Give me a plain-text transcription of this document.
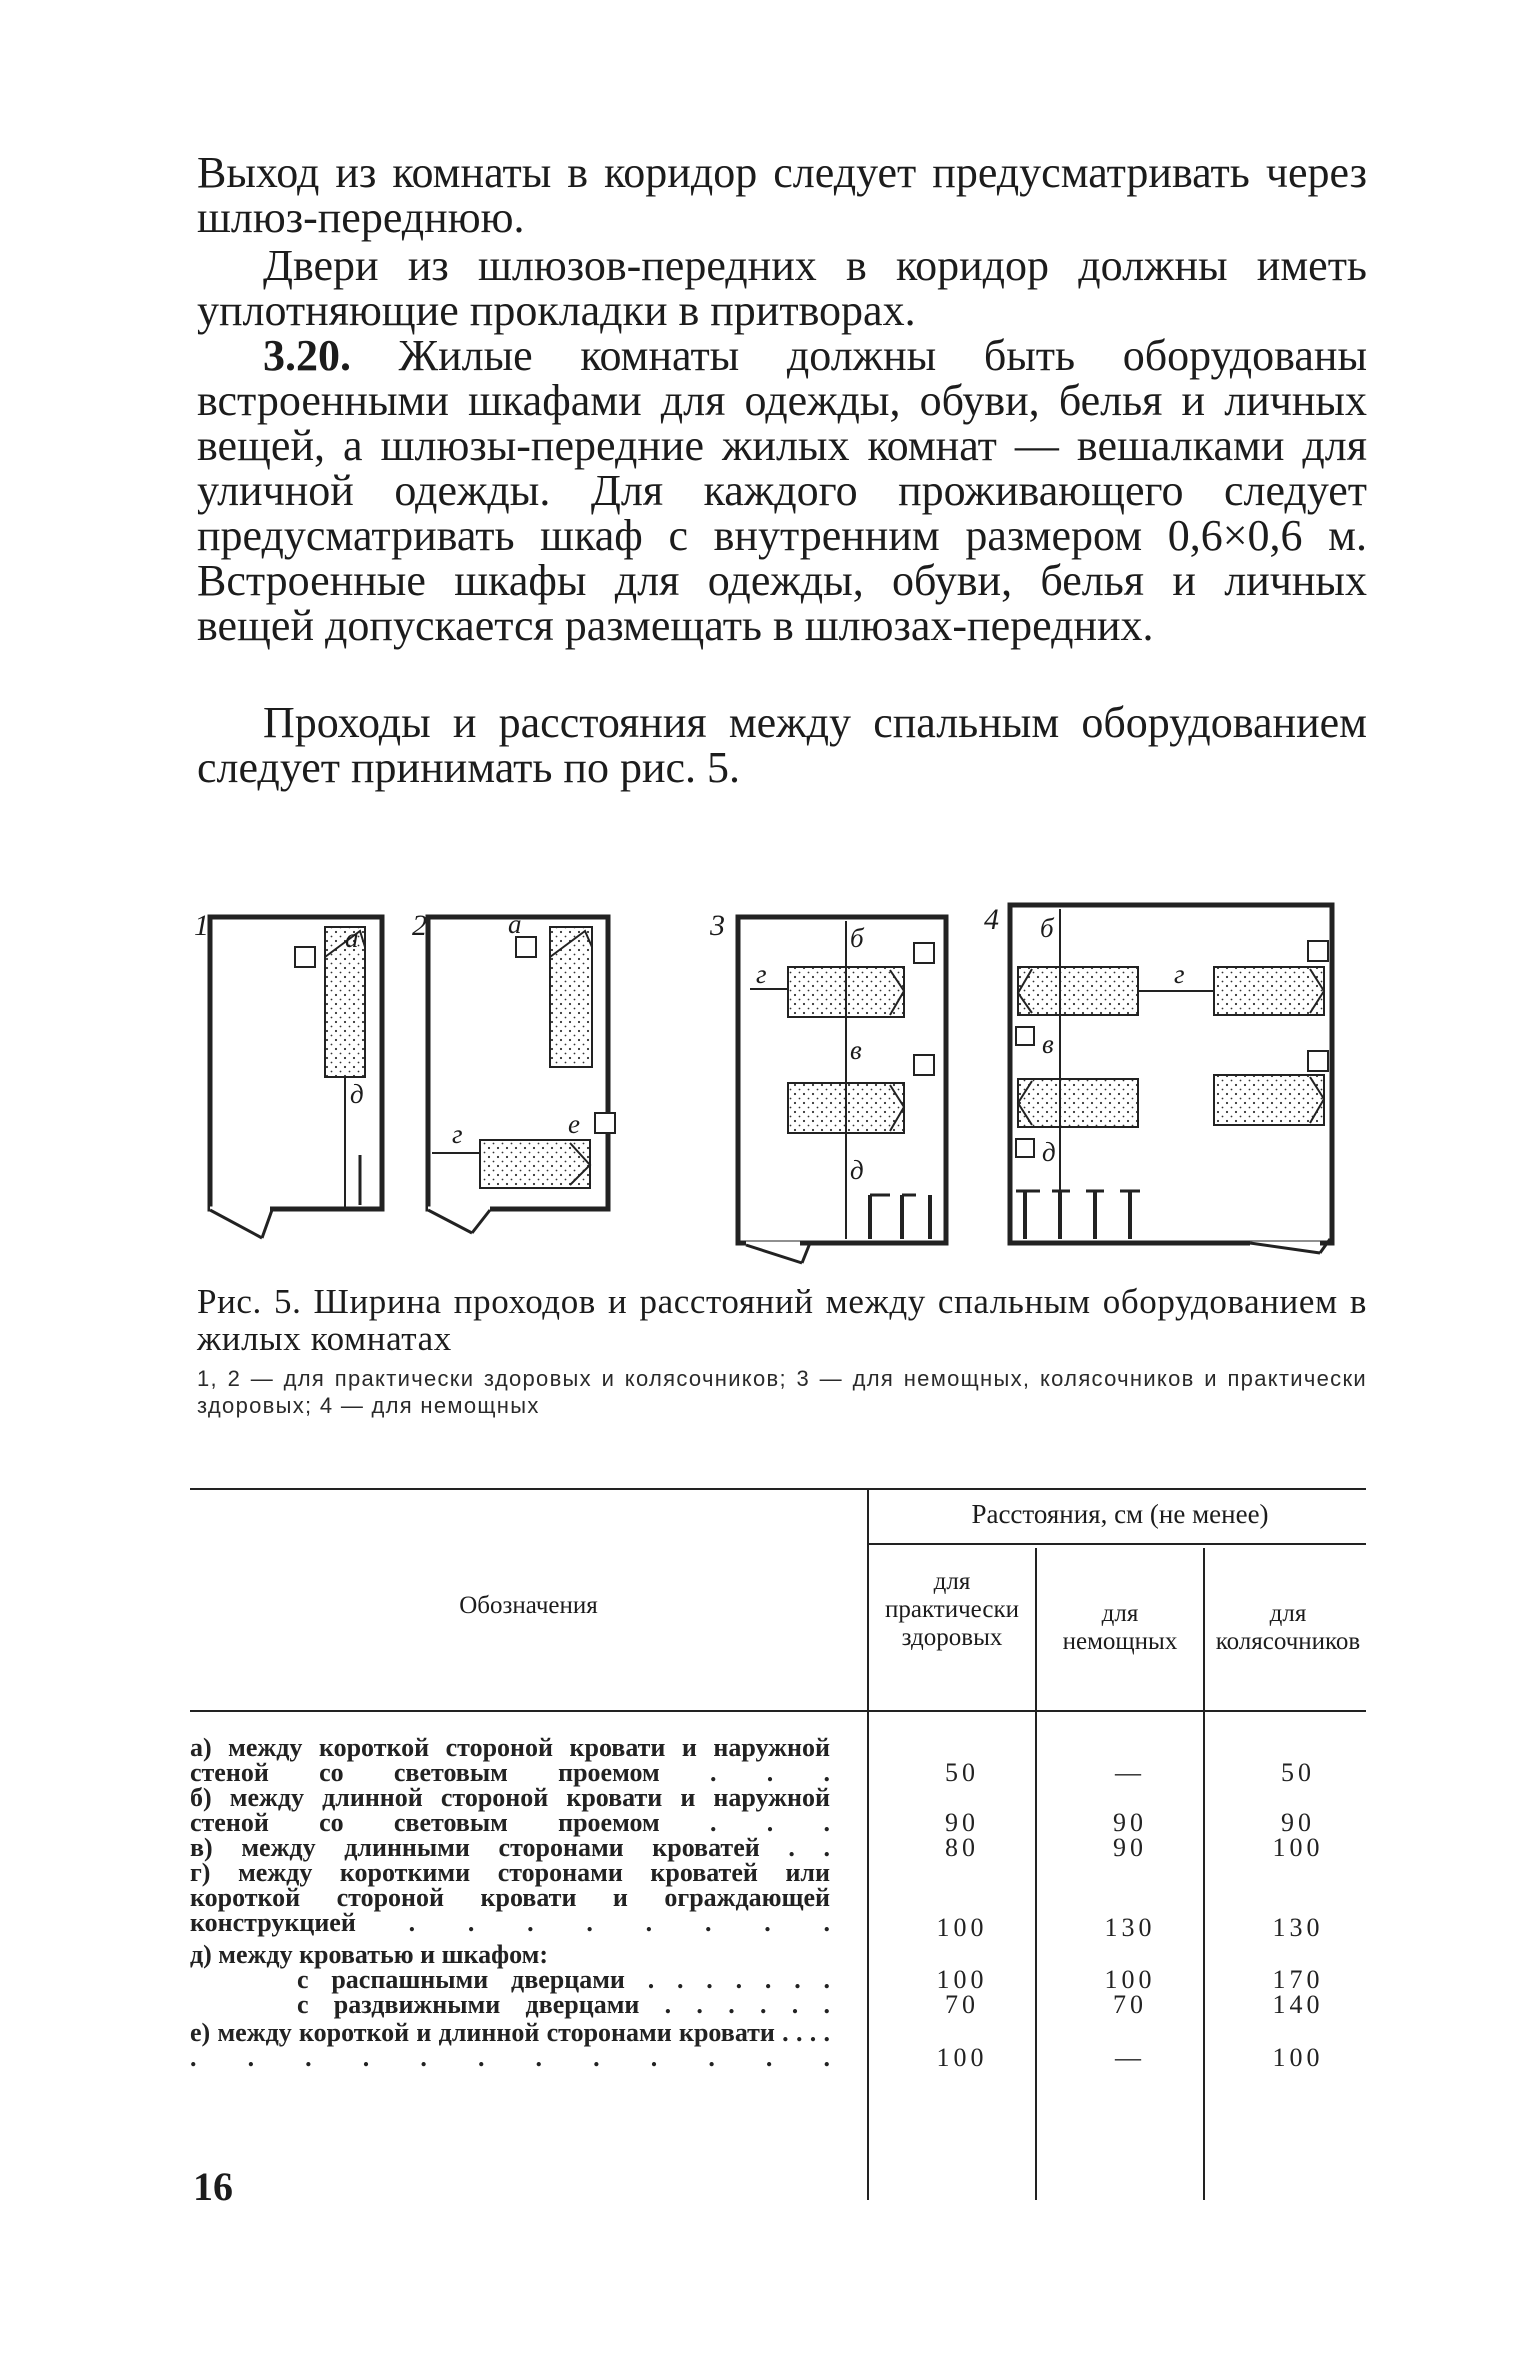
Выход из комнаты в коридор следует предусматривать через шлюз-переднюю.

Двери из шлюзов-передних в коридор должны иметь уплотняющие прокладки в притворах.

3.20. Жилые комнаты должны быть оборудованы встроенными шкафами для одежды, обуви, белья и личных вещей, а шлюзы-передние жилых комнат — вешалками для уличной одежды. Для каждого проживающего следует предусматривать шкаф с внутренним размером 0,6×0,6 м. Встроенные шкафы для одежды, обуви, белья и личных вещей допускается размещать в шлюзах-передних.

Проходы и расстояния между спальным оборудованием следует принимать по рис. 5.

1	а
д
2	а
г	е
3	б
г
в
д
4 б
г
в
д

Рис. 5. Ширина проходов и расстояний между спальным оборудованием в жилых комнатах

1, 2 — для практически здоровых и колясочников; 3 — для немощных, колясочников и практически здоровых; 4 — для немощных

Расстояния, см (не менее)
Обозначения
для практически здоровых
для немощных
для колясочников
а) между короткой стороной кровати и наружной стеной со световым проемом . . .	50	—	50
б) между длинной стороной кровати и наружной стеной со световым проемом . . .	90	90	90
в) между длинными сторонами кроватей . .	80	90	100
г) между короткими сторонами кроватей или короткой стороной кровати и ограждающей конструкцией . . . . . . . .	100	130	130
д) между кроватью и шкафом:
с распашными дверцами . . . . . . .	100	100	170
с раздвижными дверцами . . . . . .	70	70	140
е) между короткой и длинной сторонами кровати . . . . . . . . . . . . . . . .	100	—	100
16
